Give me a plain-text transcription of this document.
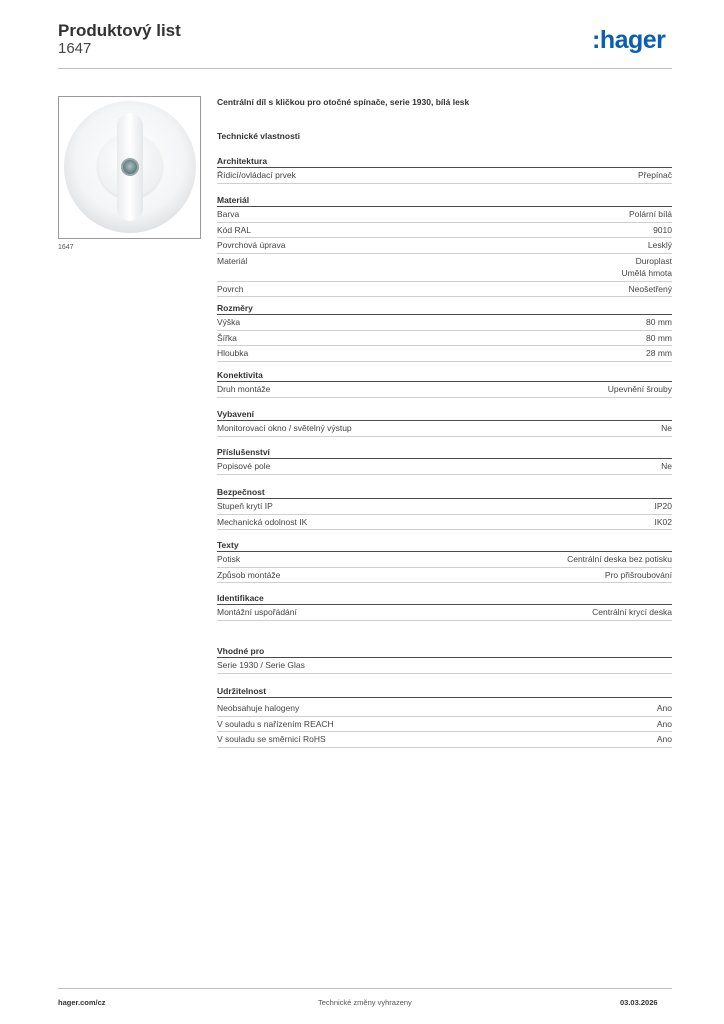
Produktový list
1647	:hager
1647
Centrální díl s kličkou pro otočné spínače, serie 1930, bílá lesk
Technické vlastnosti
Architektura
Řídicí/ovládací prvek	Přepínač
Materiál
Barva	Polární bílá
Kód RAL	9010
Povrchová úprava	Lesklý
Materiál	Duroplast
Umělá hmota
Povrch	Neošetřený
Rozměry
Výška	80 mm
Šířka	80 mm
Hloubka	28 mm
Konektivita
Druh montáže	Upevnění šrouby
Vybavení
Monitorovací okno / světelný výstup	Ne
Příslušenství
Popisové pole	Ne
Bezpečnost
Stupeň krytí IP	IP20
Mechanická odolnost IK	IK02
Texty
Potisk	Centrální deska bez potisku
Způsob montáže	Pro přišroubování
Identifikace
Montážní uspořádání	Centrální krycí deska
Vhodné pro
Serie 1930 / Serie Glas
Udržitelnost
Neobsahuje halogeny	Ano
V souladu s nařízením REACH	Ano
V souladu se směrnicí RoHS	Ano
hager.com/cz	Technické změny vyhrazeny	03.03.2026
